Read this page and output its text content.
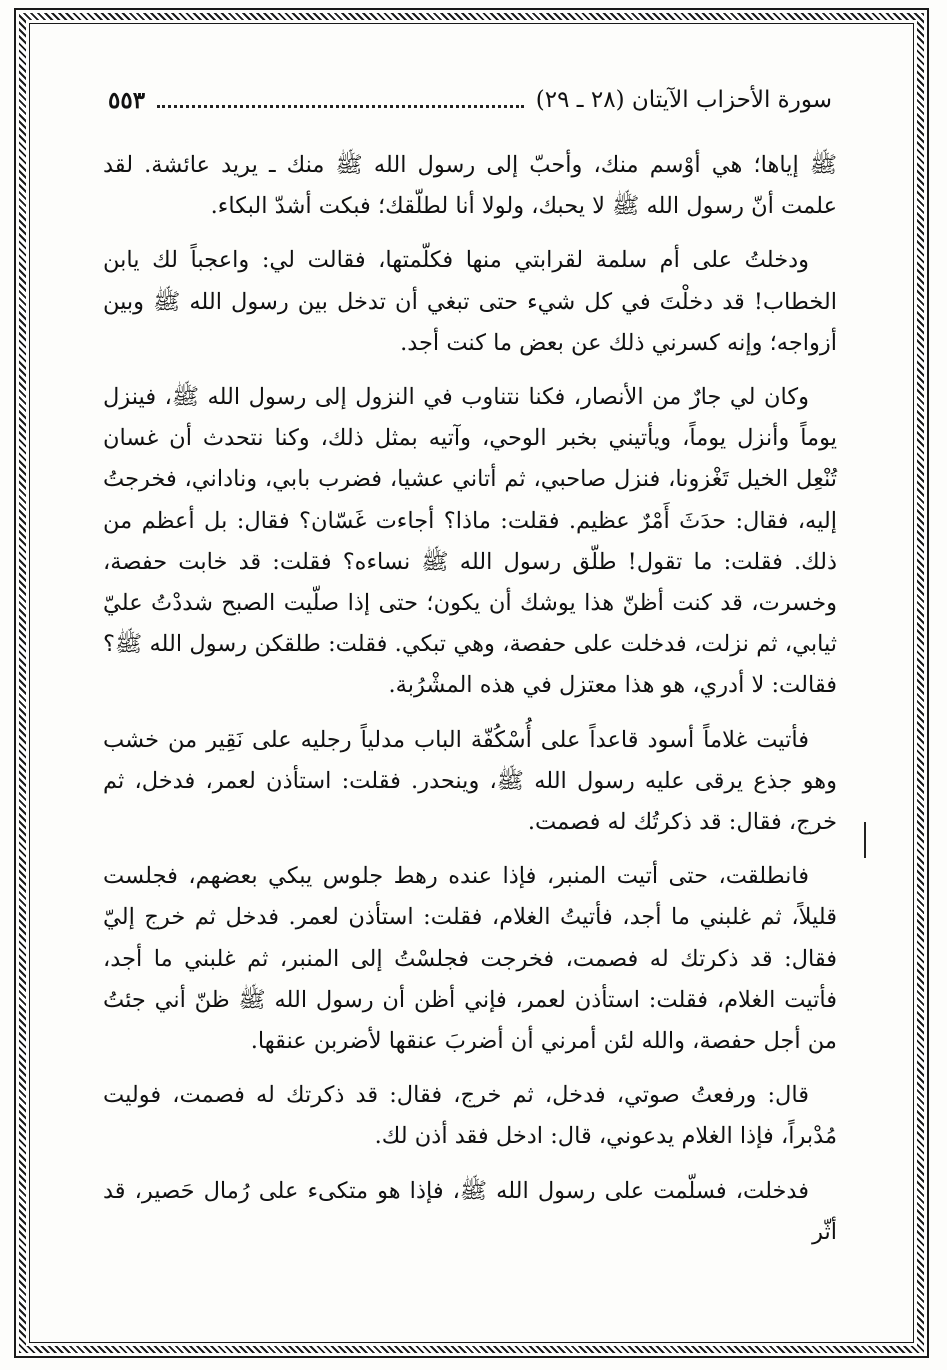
سورة الأحزاب الآيتان (٢٨ ـ ٢٩)
٥٥٣

ﷺ إياها؛ هي أوْسم منك، وأحبّ إلى رسول الله ﷺ منك ـ يريد عائشة. لقد علمت أنّ رسول الله ﷺ لا يحبك، ولولا أنا لطلّقك؛ فبكت أشدّ البكاء.

ودخلتُ على أم سلمة لقرابتي منها فكلّمتها، فقالت لي: واعجباً لك يابن الخطاب! قد دخلْتَ في كل شيء حتى تبغي أن تدخل بين رسول الله ﷺ وبين أزواجه؛ وإنه كسرني ذلك عن بعض ما كنت أجد.

وكان لي جارٌ من الأنصار، فكنا نتناوب في النزول إلى رسول الله ﷺ، فينزل يوماً وأنزل يوماً، ويأتيني بخبر الوحي، وآتيه بمثل ذلك، وكنا نتحدث أن غسان تُنْعِل الخيل تَغْزونا، فنزل صاحبي، ثم أتاني عشيا، فضرب بابي، وناداني، فخرجتُ إليه، فقال: حدَثَ أَمْرٌ عظيم. فقلت: ماذا؟ أجاءت غَسّان؟ فقال: بل أعظم من ذلك. فقلت: ما تقول! طلّق رسول الله ﷺ نساءه؟ فقلت: قد خابت حفصة، وخسرت، قد كنت أظنّ هذا يوشك أن يكون؛ حتى إذا صلّيت الصبح شددْتُ عليّ ثيابي، ثم نزلت، فدخلت على حفصة، وهي تبكي. فقلت: طلقكن رسول الله ﷺ؟ فقالت: لا أدري، هو هذا معتزل في هذه المشْرُبة.

فأتيت غلاماً أسود قاعداً على أُسْكُفّة الباب مدلياً رجليه على نَقِير من خشب وهو جذع يرقى عليه رسول الله ﷺ، وينحدر. فقلت: استأذن لعمر، فدخل، ثم خرج، فقال: قد ذكرتُك له فصمت.

فانطلقت، حتى أتيت المنبر، فإذا عنده رهط جلوس يبكي بعضهم، فجلست قليلاً، ثم غلبني ما أجد، فأتيتُ الغلام، فقلت: استأذن لعمر. فدخل ثم خرج إليّ فقال: قد ذكرتك له فصمت، فخرجت فجلسْتُ إلى المنبر، ثم غلبني ما أجد، فأتيت الغلام، فقلت: استأذن لعمر، فإني أظن أن رسول الله ﷺ ظنّ أني جئتُ من أجل حفصة، والله لئن أمرني أن أضربَ عنقها لأضربن عنقها.

قال: ورفعتُ صوتي، فدخل، ثم خرج، فقال: قد ذكرتك له فصمت، فوليت مُدْبراً، فإذا الغلام يدعوني، قال: ادخل فقد أذن لك.

فدخلت، فسلّمت على رسول الله ﷺ، فإذا هو متكىء على رُمال حَصير، قد أثّر
